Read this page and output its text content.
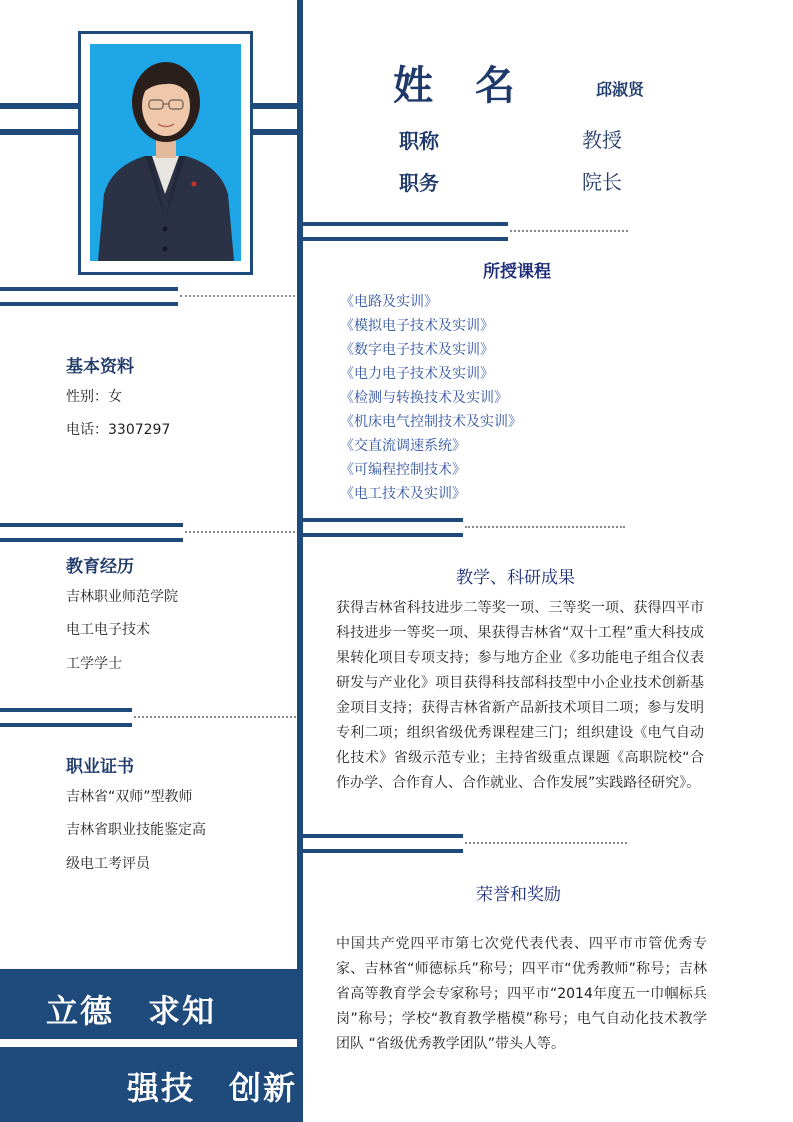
姓 名	邱淑贤
职称	教授
职务	院长
所授课程
《电路及实训》
《模拟电子技术及实训》
《数字电子技术及实训》
《电力电子技术及实训》
《检测与转换技术及实训》
《机床电气控制技术及实训》
《交直流调速系统》
《可编程控制技术》
《电工技术及实训》
基本资料
性别：女
电话：3307297
教育经历
吉林职业师范学院
电工电子技术
工学学士
教学、科研成果
获得吉林省科技进步二等奖一项、三等奖一项、获得四平市科技进步一等奖一项、果获得吉林省“双十工程”重大科技成果转化项目专项支持；参与地方企业《多功能电子组合仪表研发与产业化》项目获得科技部科技型中小企业技术创新基金项目支持；获得吉林省新产品新技术项目二项；参与发明专利二项；组织省级优秀课程建三门；组织建设《电气自动化技术》省级示范专业；主持省级重点课题《高职院校“合作办学、合作育人、合作就业、合作发展”实践路径研究》。
职业证书
吉林省“双师”型教师
吉林省职业技能鉴定高
级电工考评员
荣誉和奖励
中国共产党四平市第七次党代表代表、四平市市管优秀专家、吉林省“师德标兵”称号；四平市“优秀教师”称号；吉林省高等教育学会专家称号；四平市“2014年度五一巾帼标兵岗”称号；学校“教育教学楷模”称号；电气自动化技术教学团队 “省级优秀教学团队”带头人等。
立德　求知
强技　创新
